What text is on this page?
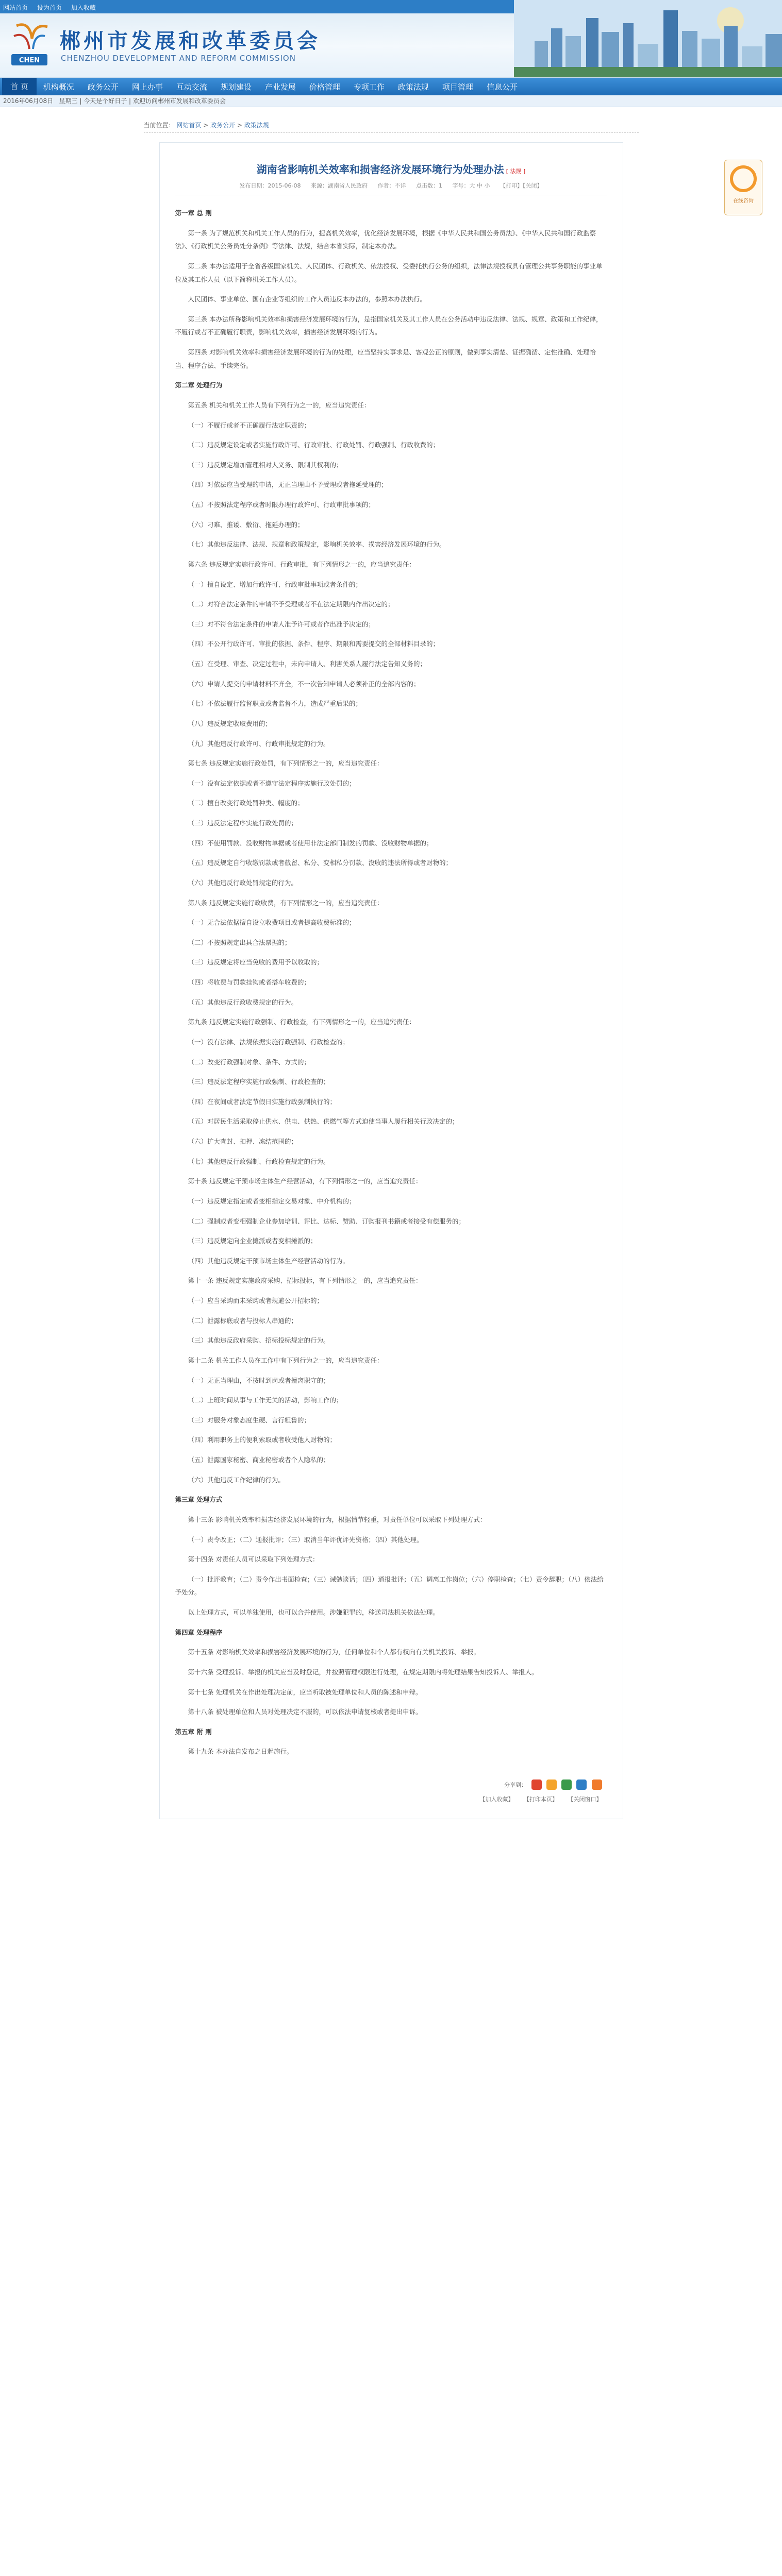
网站首页 设为首页 加入收藏
CHEN
郴州市发展和改革委员会
CHENZHOU DEVELOPMENT AND REFORM COMMISSION
首 页	机构概况	政务公开	网上办事	互动交流	规划建设	产业发展	价格管理	专项工作	政策法规	项目管理	信息公开
2016年06月08日 星期三 | 今天是个好日子 | 欢迎访问郴州市发展和改革委员会
当前位置： 网站首页 > 政务公开 > 政策法规
湖南省影响机关效率和损害经济发展环境行为处理办法 [ 法规 ]
发布日期：2015-06-08 来源：湖南省人民政府 作者：不详 点击数：1 字号：大 中 小 【打印】【关闭】

第一章 总 则

第一条 为了规范机关和机关工作人员的行为，提高机关效率，优化经济发展环境，根据《中华人民共和国公务员法》、《中华人民共和国行政监察法》、《行政机关公务员处分条例》等法律、法规，结合本省实际，制定本办法。

第二条 本办法适用于全省各级国家机关、人民团体、行政机关、依法授权、受委托执行公务的组织，法律法规授权具有管理公共事务职能的事业单位及其工作人员（以下简称机关工作人员）。

人民团体、事业单位、国有企业等组织的工作人员违反本办法的，参照本办法执行。

第三条 本办法所称影响机关效率和损害经济发展环境的行为，是指国家机关及其工作人员在公务活动中违反法律、法规、规章、政策和工作纪律，不履行或者不正确履行职责，影响机关效率，损害经济发展环境的行为。

第四条 对影响机关效率和损害经济发展环境的行为的处理，应当坚持实事求是、客观公正的原则，做到事实清楚、证据确凿、定性准确、处理恰当、程序合法、手续完备。

第二章 处理行为

第五条 机关和机关工作人员有下列行为之一的，应当追究责任：

（一）不履行或者不正确履行法定职责的；

（二）违反规定设定或者实施行政许可、行政审批、行政处罚、行政强制、行政收费的；

（三）违反规定增加管理相对人义务、限制其权利的；

（四）对依法应当受理的申请，无正当理由不予受理或者拖延受理的；

（五）不按照法定程序或者时限办理行政许可、行政审批事项的；

（六）刁难、推诿、敷衍、拖延办理的；

（七）其他违反法律、法规、规章和政策规定，影响机关效率、损害经济发展环境的行为。

第六条 违反规定实施行政许可、行政审批，有下列情形之一的，应当追究责任：

（一）擅自设定、增加行政许可、行政审批事项或者条件的；

（二）对符合法定条件的申请不予受理或者不在法定期限内作出决定的；

（三）对不符合法定条件的申请人准予许可或者作出准予决定的；

（四）不公开行政许可、审批的依据、条件、程序、期限和需要提交的全部材料目录的；

（五）在受理、审查、决定过程中，未向申请人、利害关系人履行法定告知义务的；

（六）申请人提交的申请材料不齐全，不一次告知申请人必须补正的全部内容的；

（七）不依法履行监督职责或者监督不力，造成严重后果的；

（八）违反规定收取费用的；

（九）其他违反行政许可、行政审批规定的行为。

第七条 违反规定实施行政处罚，有下列情形之一的，应当追究责任：

（一）没有法定依据或者不遵守法定程序实施行政处罚的；

（二）擅自改变行政处罚种类、幅度的；

（三）违反法定程序实施行政处罚的；

（四）不使用罚款、没收财物单据或者使用非法定部门制发的罚款、没收财物单据的；

（五）违反规定自行收缴罚款或者截留、私分、变相私分罚款、没收的违法所得或者财物的；

（六）其他违反行政处罚规定的行为。

第八条 违反规定实施行政收费，有下列情形之一的，应当追究责任：

（一）无合法依据擅自设立收费项目或者提高收费标准的；

（二）不按照规定出具合法票据的；

（三）违反规定将应当免收的费用予以收取的；

（四）将收费与罚款挂钩或者搭车收费的；

（五）其他违反行政收费规定的行为。

第九条 违反规定实施行政强制、行政检查，有下列情形之一的，应当追究责任：

（一）没有法律、法规依据实施行政强制、行政检查的；

（二）改变行政强制对象、条件、方式的；

（三）违反法定程序实施行政强制、行政检查的；

（四）在夜间或者法定节假日实施行政强制执行的；

（五）对居民生活采取停止供水、供电、供热、供燃气等方式迫使当事人履行相关行政决定的；

（六）扩大查封、扣押、冻结范围的；

（七）其他违反行政强制、行政检查规定的行为。

第十条 违反规定干预市场主体生产经营活动，有下列情形之一的，应当追究责任：

（一）违反规定指定或者变相指定交易对象、中介机构的；

（二）强制或者变相强制企业参加培训、评比、达标、赞助、订购报刊书籍或者接受有偿服务的；

（三）违反规定向企业摊派或者变相摊派的；

（四）其他违反规定干预市场主体生产经营活动的行为。

第十一条 违反规定实施政府采购、招标投标，有下列情形之一的，应当追究责任：

（一）应当采购而未采购或者规避公开招标的；

（二）泄露标底或者与投标人串通的；

（三）其他违反政府采购、招标投标规定的行为。

第十二条 机关工作人员在工作中有下列行为之一的，应当追究责任：

（一）无正当理由，不按时到岗或者擅离职守的；

（二）上班时间从事与工作无关的活动，影响工作的；

（三）对服务对象态度生硬、言行粗鲁的；

（四）利用职务上的便利索取或者收受他人财物的；

（五）泄露国家秘密、商业秘密或者个人隐私的；

（六）其他违反工作纪律的行为。

第三章 处理方式

第十三条 影响机关效率和损害经济发展环境的行为，根据情节轻重，对责任单位可以采取下列处理方式：

（一）责令改正；（二）通报批评；（三）取消当年评优评先资格；（四）其他处理。

第十四条 对责任人员可以采取下列处理方式：

（一）批评教育；（二）责令作出书面检查；（三）诫勉谈话；（四）通报批评；（五）调离工作岗位；（六）停职检查；（七）责令辞职；（八）依法给予处分。

以上处理方式，可以单独使用，也可以合并使用。涉嫌犯罪的，移送司法机关依法处理。

第四章 处理程序

第十五条 对影响机关效率和损害经济发展环境的行为，任何单位和个人都有权向有关机关投诉、举报。

第十六条 受理投诉、举报的机关应当及时登记，并按照管理权限进行处理，在规定期限内将处理结果告知投诉人、举报人。

第十七条 处理机关在作出处理决定前，应当听取被处理单位和人员的陈述和申辩。

第十八条 被处理单位和人员对处理决定不服的，可以依法申请复核或者提出申诉。

第五章 附 则

第十九条 本办法自发布之日起施行。

分享到：
【加入收藏】 【打印本页】 【关闭窗口】
在线咨询
